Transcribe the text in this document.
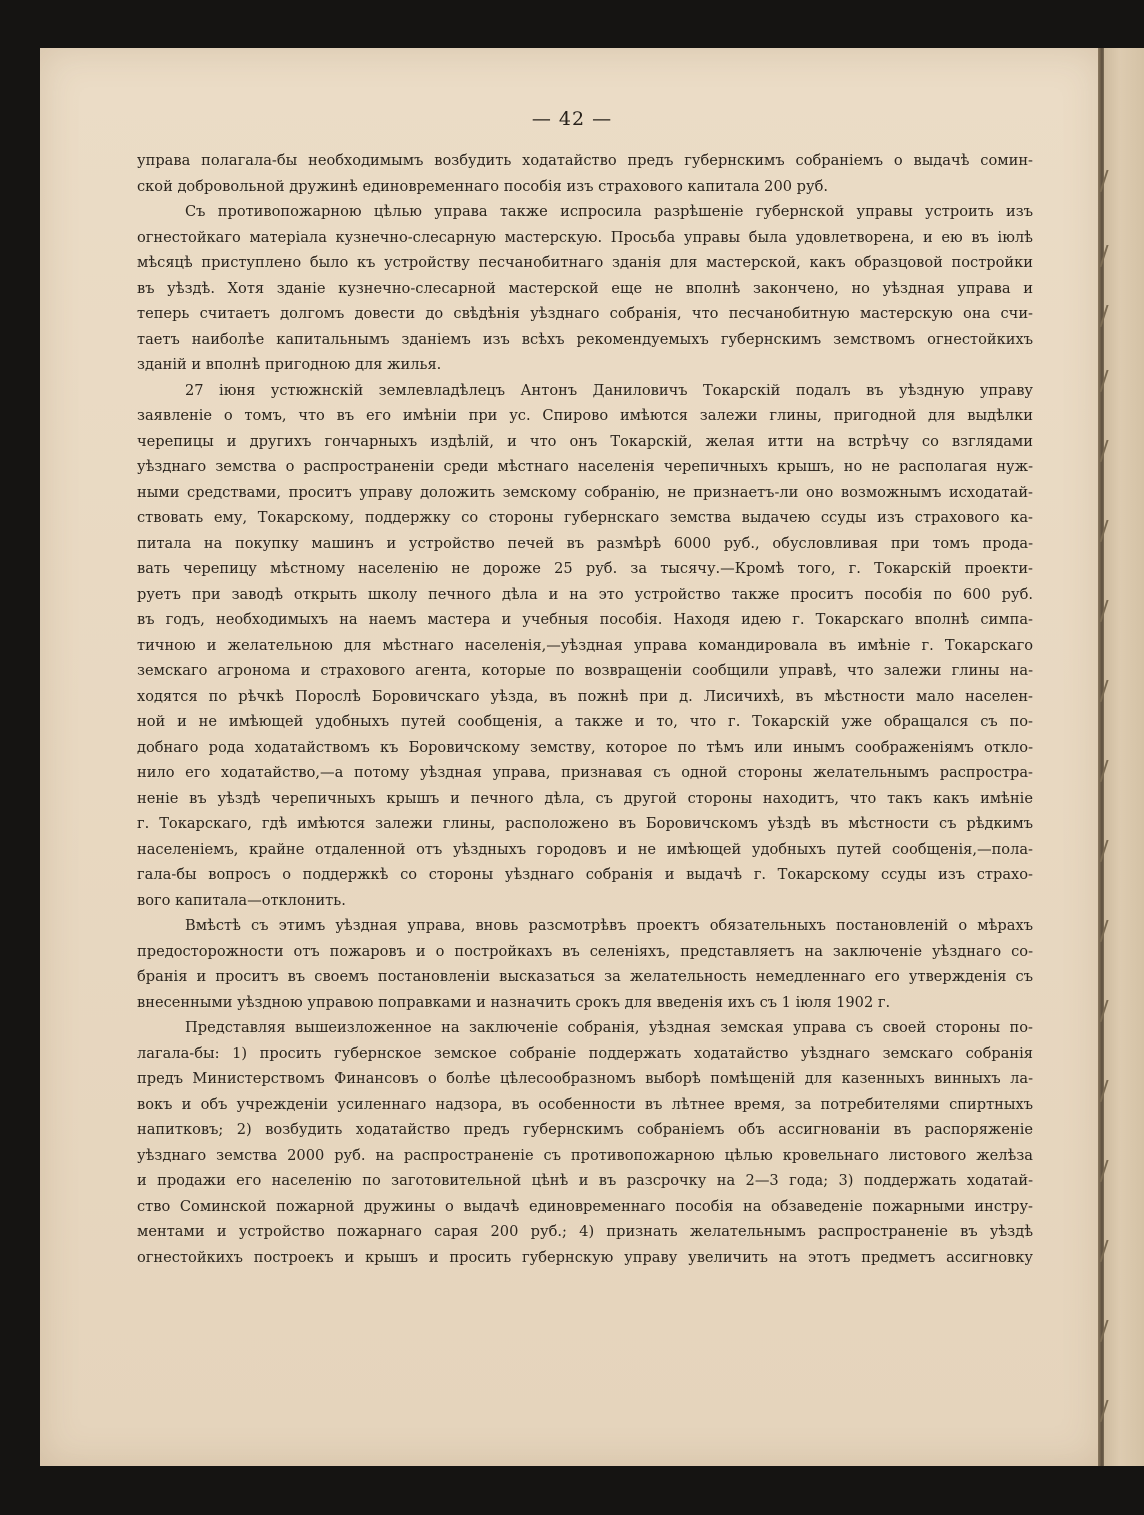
— 42 —
управа полагала-бы необходимымъ возбудить ходатайство предъ губернскимъ собраніемъ о выдачѣ сомин-
ской добровольной дружинѣ единовременнаго пособія изъ страхового капитала 200 руб.
Съ противопожарною цѣлью управа также испросила разрѣшеніе губернской управы устроить изъ
огнестойкаго матеріала кузнечно-слесарную мастерскую. Просьба управы была удовлетворена, и ею въ іюлѣ
мѣсяцѣ приступлено было къ устройству песчанобитнаго зданія для мастерской, какъ образцовой постройки
въ уѣздѣ. Хотя зданіе кузнечно-слесарной мастерской еще не вполнѣ закончено, но уѣздная управа и
теперь считаетъ долгомъ довести до свѣдѣнія уѣзднаго собранія, что песчанобитную мастерскую она счи-
таетъ наиболѣе капитальнымъ зданіемъ изъ всѣхъ рекомендуемыхъ губернскимъ земствомъ огнестойкихъ
зданій и вполнѣ пригодною для жилья.
27 іюня устюжнскій землевладѣлецъ Антонъ Даниловичъ Токарскій подалъ въ уѣздную управу
заявленіе о томъ, что въ его имѣніи при ус. Спирово имѣются залежи глины, пригодной для выдѣлки
черепицы и другихъ гончарныхъ издѣлій, и что онъ Токарскій, желая итти на встрѣчу со взглядами
уѣзднаго земства о распространеніи среди мѣстнаго населенія черепичныхъ крышъ, но не располагая нуж-
ными средствами, проситъ управу доложить земскому собранію, не признаетъ-ли оно возможнымъ исходатай-
ствовать ему, Токарскому, поддержку со стороны губернскаго земства выдачею ссуды изъ страхового ка-
питала на покупку машинъ и устройство печей въ размѣрѣ 6000 руб., обусловливая при томъ прода-
вать черепицу мѣстному населенію не дороже 25 руб. за тысячу.—Кромѣ того, г. Токарскій проекти-
руетъ при заводѣ открыть школу печного дѣла и на это устройство также проситъ пособія по 600 руб.
въ годъ, необходимыхъ на наемъ мастера и учебныя пособія. Находя идею г. Токарскаго вполнѣ симпа-
тичною и желательною для мѣстнаго населенія,—уѣздная управа командировала въ имѣніе г. Токарскаго
земскаго агронома и страхового агента, которые по возвращеніи сообщили управѣ, что залежи глины на-
ходятся по рѣчкѣ Порослѣ Боровичскаго уѣзда, въ пожнѣ при д. Лисичихѣ, въ мѣстности мало населен-
ной и не имѣющей удобныхъ путей сообщенія, а также и то, что г. Токарскій уже обращался съ по-
добнаго рода ходатайствомъ къ Боровичскому земству, которое по тѣмъ или инымъ соображеніямъ откло-
нило его ходатайство,—а потому уѣздная управа, признавая съ одной стороны желательнымъ распростра-
неніе въ уѣздѣ черепичныхъ крышъ и печного дѣла, съ другой стороны находитъ, что такъ какъ имѣніе
г. Токарскаго, гдѣ имѣются залежи глины, расположено въ Боровичскомъ уѣздѣ въ мѣстности съ рѣдкимъ
населеніемъ, крайне отдаленной отъ уѣздныхъ городовъ и не имѣющей удобныхъ путей сообщенія,—пола-
гала-бы вопросъ о поддержкѣ со стороны уѣзднаго собранія и выдачѣ г. Токарскому ссуды изъ страхо-
вого капитала—отклонить.
Вмѣстѣ съ этимъ уѣздная управа, вновь разсмотрѣвъ проектъ обязательныхъ постановленій о мѣрахъ
предосторожности отъ пожаровъ и о постройкахъ въ селеніяхъ, представляетъ на заключеніе уѣзднаго со-
бранія и проситъ въ своемъ постановленіи высказаться за желательность немедленнаго его утвержденія съ
внесенными уѣздною управою поправками и назначить срокъ для введенія ихъ съ 1 іюля 1902 г.
Представляя вышеизложенное на заключеніе собранія, уѣздная земская управа съ своей стороны по-
лагала-бы: 1) просить губернское земское собраніе поддержать ходатайство уѣзднаго земскаго собранія
предъ Министерствомъ Финансовъ о болѣе цѣлесообразномъ выборѣ помѣщеній для казенныхъ винныхъ ла-
вокъ и объ учрежденіи усиленнаго надзора, въ особенности въ лѣтнее время, за потребителями спиртныхъ
напитковъ; 2) возбудить ходатайство предъ губернскимъ собраніемъ объ ассигнованіи въ распоряженіе
уѣзднаго земства 2000 руб. на распространеніе съ противопожарною цѣлью кровельнаго листового желѣза
и продажи его населенію по заготовительной цѣнѣ и въ разсрочку на 2—3 года; 3) поддержать ходатай-
ство Соминской пожарной дружины о выдачѣ единовременнаго пособія на обзаведеніе пожарными инстру-
ментами и устройство пожарнаго сарая 200 руб.; 4) признать желательнымъ распространеніе въ уѣздѣ
огнестойкихъ построекъ и крышъ и просить губернскую управу увеличить на этотъ предметъ ассигновку
